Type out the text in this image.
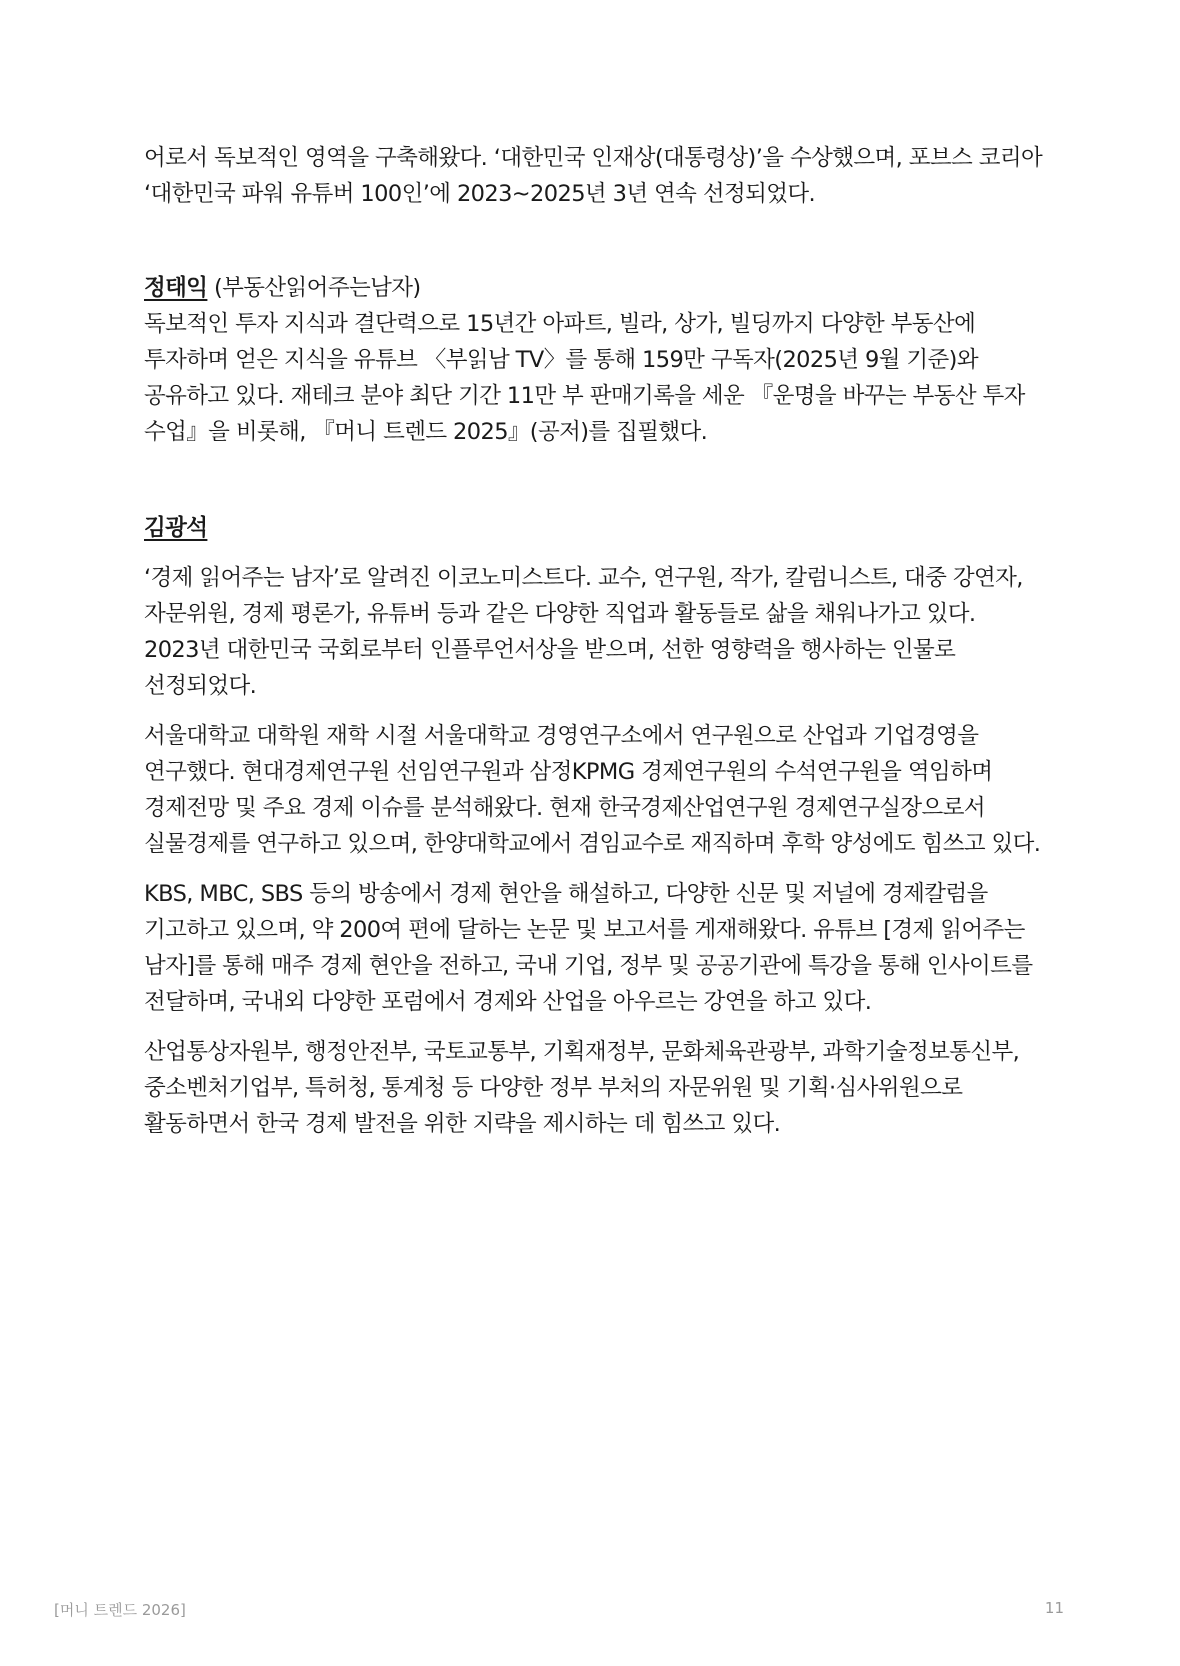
어로서 독보적인 영역을 구축해왔다. ‘대한민국 인재상(대통령상)’을 수상했으며, 포브스 코리아 ‘대한민국 파워 유튜버 100인’에 2023~2025년 3년 연속 선정되었다.

정태익 (부동산읽어주는남자)

독보적인 투자 지식과 결단력으로 15년간 아파트, 빌라, 상가, 빌딩까지 다양한 부동산에 투자하며 얻은 지식을 유튜브 〈부읽남 TV〉를 통해 159만 구독자(2025년 9월 기준)와 공유하고 있다. 재테크 분야 최단 기간 11만 부 판매기록을 세운 『운명을 바꾸는 부동산 투자 수업』을 비롯해, 『머니 트렌드 2025』(공저)를 집필했다.

김광석

‘경제 읽어주는 남자’로 알려진 이코노미스트다. 교수, 연구원, 작가, 칼럼니스트, 대중 강연자, 자문위원, 경제 평론가, 유튜버 등과 같은 다양한 직업과 활동들로 삶을 채워나가고 있다. 2023년 대한민국 국회로부터 인플루언서상을 받으며, 선한 영향력을 행사하는 인물로 선정되었다.

서울대학교 대학원 재학 시절 서울대학교 경영연구소에서 연구원으로 산업과 기업경영을 연구했다. 현대경제연구원 선임연구원과 삼정KPMG 경제연구원의 수석연구원을 역임하며 경제전망 및 주요 경제 이슈를 분석해왔다. 현재 한국경제산업연구원 경제연구실장으로서 실물경제를 연구하고 있으며, 한양대학교에서 겸임교수로 재직하며 후학 양성에도 힘쓰고 있다.

KBS, MBC, SBS 등의 방송에서 경제 현안을 해설하고, 다양한 신문 및 저널에 경제칼럼을 기고하고 있으며, 약 200여 편에 달하는 논문 및 보고서를 게재해왔다. 유튜브 [경제 읽어주는 남자]를 통해 매주 경제 현안을 전하고, 국내 기업, 정부 및 공공기관에 특강을 통해 인사이트를 전달하며, 국내외 다양한 포럼에서 경제와 산업을 아우르는 강연을 하고 있다.

산업통상자원부, 행정안전부, 국토교통부, 기획재정부, 문화체육관광부, 과학기술정보통신부, 중소벤처기업부, 특허청, 통계청 등 다양한 정부 부처의 자문위원 및 기획·심사위원으로 활동하면서 한국 경제 발전을 위한 지략을 제시하는 데 힘쓰고 있다.

[머니 트렌드 2026]	11
